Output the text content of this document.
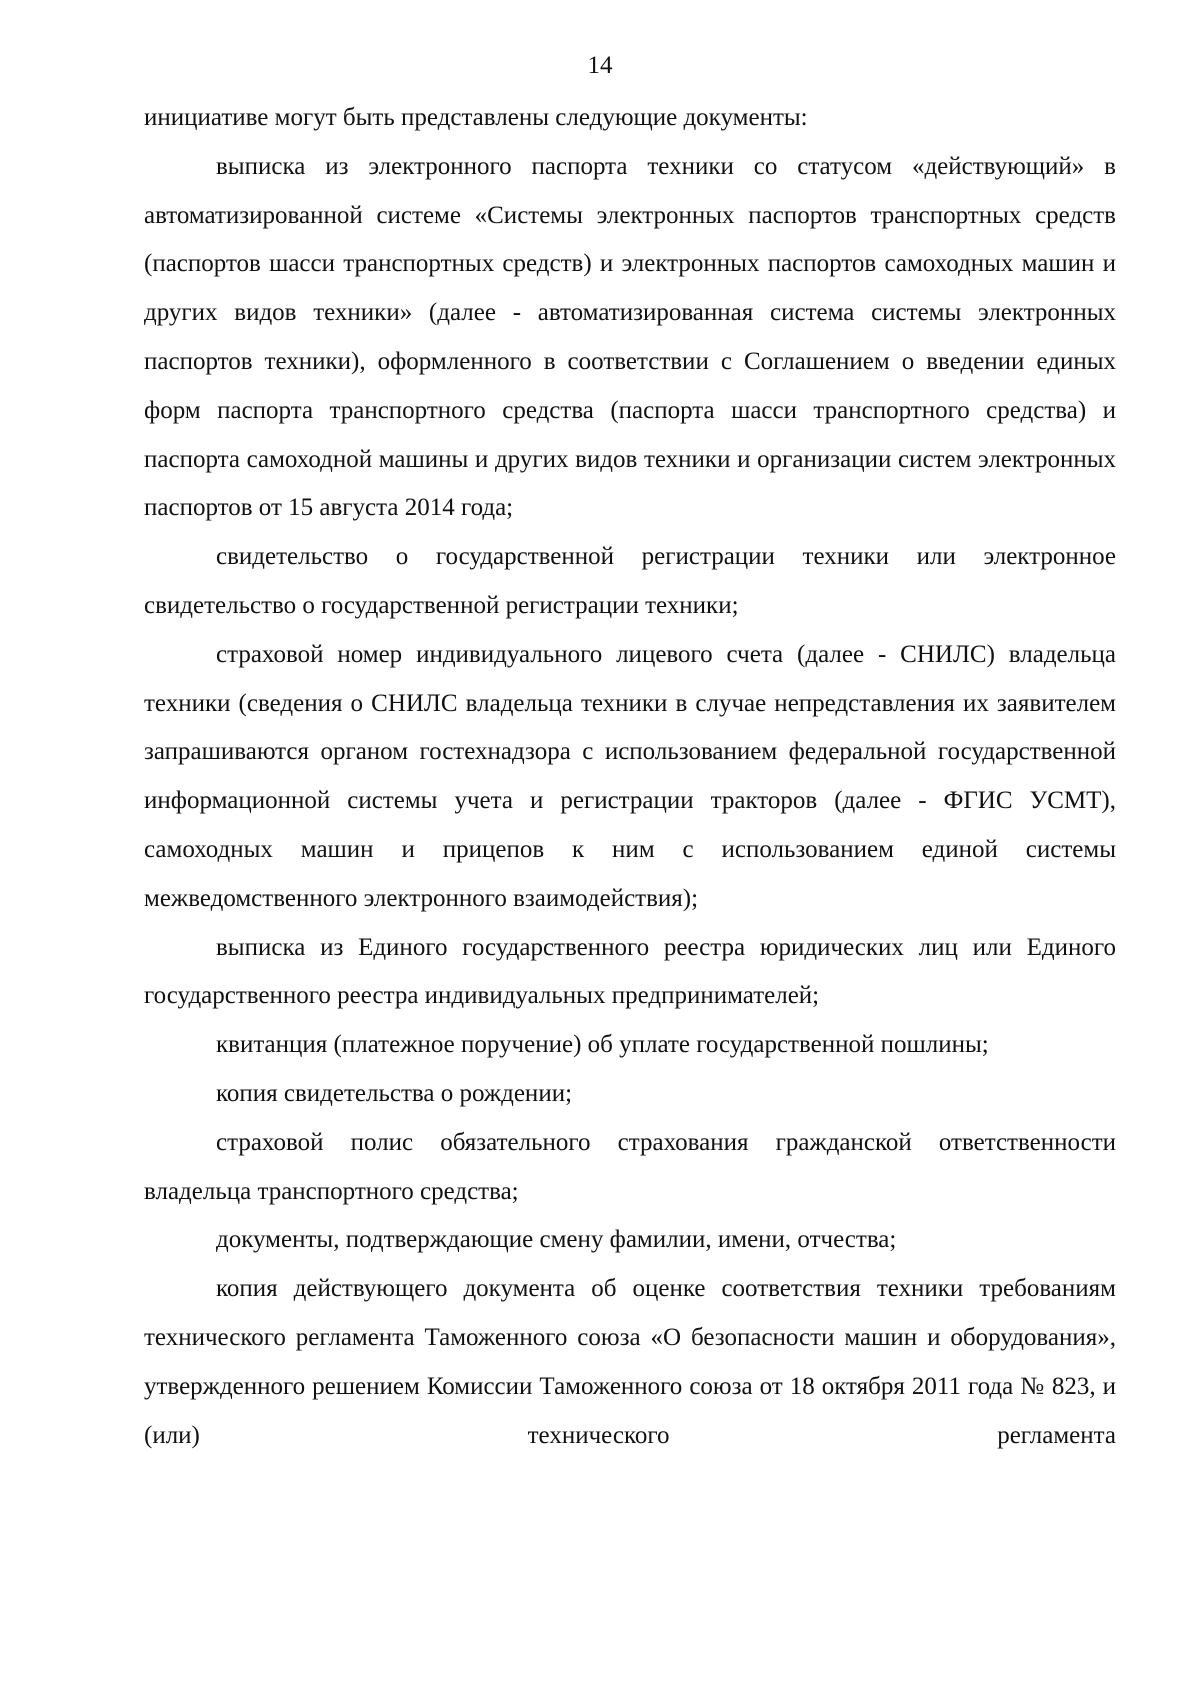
14

инициативе могут быть представлены следующие документы:

выписка из электронного паспорта техники со статусом «действующий» в автоматизированной системе «Системы электронных паспортов транспортных средств (паспортов шасси транспортных средств) и электронных паспортов самоходных машин и других видов техники» (далее - автоматизированная система системы электронных паспортов техники), оформленного в соответствии с Соглашением о введении единых форм паспорта транспортного средства (паспорта шасси транспортного средства) и паспорта самоходной машины и других видов техники и организации систем электронных паспортов от 15 августа 2014 года;

свидетельство о государственной регистрации техники или электронное свидетельство о государственной регистрации техники;

страховой номер индивидуального лицевого счета (далее - СНИЛС) владельца техники (сведения о СНИЛС владельца техники в случае непредставления их заявителем запрашиваются органом гостехнадзора с использованием федеральной государственной информационной системы учета и регистрации тракторов (далее - ФГИС УСМТ), самоходных машин и прицепов к ним с использованием единой системы межведомственного электронного взаимодействия);

выписка из Единого государственного реестра юридических лиц или Единого государственного реестра индивидуальных предпринимателей;

квитанция (платежное поручение) об уплате государственной пошлины;

копия свидетельства о рождении;

страховой полис обязательного страхования гражданской ответственности владельца транспортного средства;

документы, подтверждающие смену фамилии, имени, отчества;

копия действующего документа об оценке соответствия техники требованиям технического регламента Таможенного союза «О безопасности машин и оборудования», утвержденного решением Комиссии Таможенного союза от 18 октября 2011 года № 823, и (или) технического регламента
